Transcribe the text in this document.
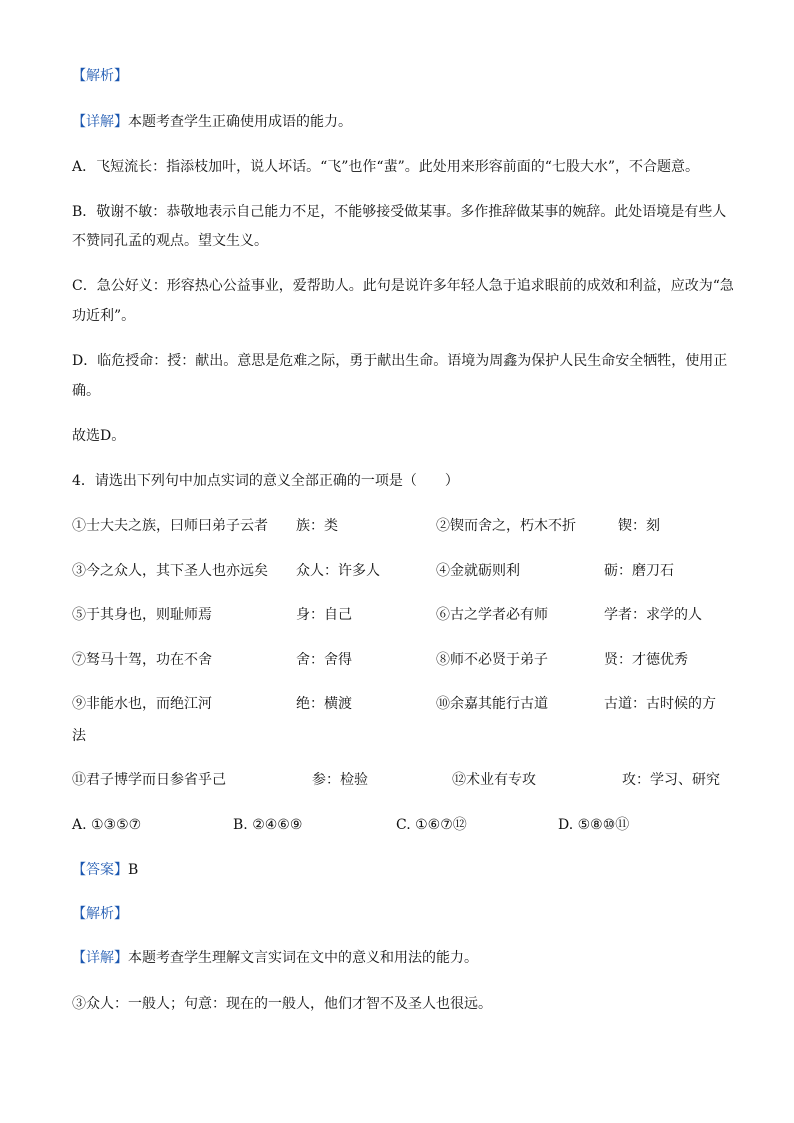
【解析】
【详解】本题考查学生正确使用成语的能力。
A．飞短流长：指添枝加叶，说人坏话。“飞”也作“蜚”。此处用来形容前面的“七股大水”，不合题意。
B．敬谢不敏：恭敬地表示自己能力不足，不能够接受做某事。多作推辞做某事的婉辞。此处语境是有些人
不赞同孔孟的观点。望文生义。
C．急公好义：形容热心公益事业，爱帮助人。此句是说许多年轻人急于追求眼前的成效和利益，应改为“急
功近利”。
D．临危授命：授：献出。意思是危难之际，勇于献出生命。语境为周鑫为保护人民生命安全牺牲，使用正
确。
故选D。
4．请选出下列句中加点实词的意义全部正确的一项是（　　）
①士大夫之族，曰师曰弟子云者 族：类	②锲而舍之，朽木不折	锲：刻
③今之众人，其下圣人也亦远矣 众人：许多人	④金就砺则利	砺：磨刀石
⑤于其身也，则耻师焉	身：自己	⑥古之学者必有师	学者：求学的人
⑦驽马十驾，功在不舍	舍：舍得	⑧师不必贤于弟子	贤：才德优秀
⑨非能水也，而绝江河	绝：横渡	⑩余嘉其能行古道	古道：古时候的方
法
⑪君子博学而日参省乎己	参：检验	⑫术业有专攻	攻：学习、研究
A. ①③⑤⑦	B. ②④⑥⑨	C. ①⑥⑦⑫	D. ⑤⑧⑩⑪
【答案】B
【解析】
【详解】本题考查学生理解文言实词在文中的意义和用法的能力。
③众人：一般人；句意：现在的一般人，他们才智不及圣人也很远。
